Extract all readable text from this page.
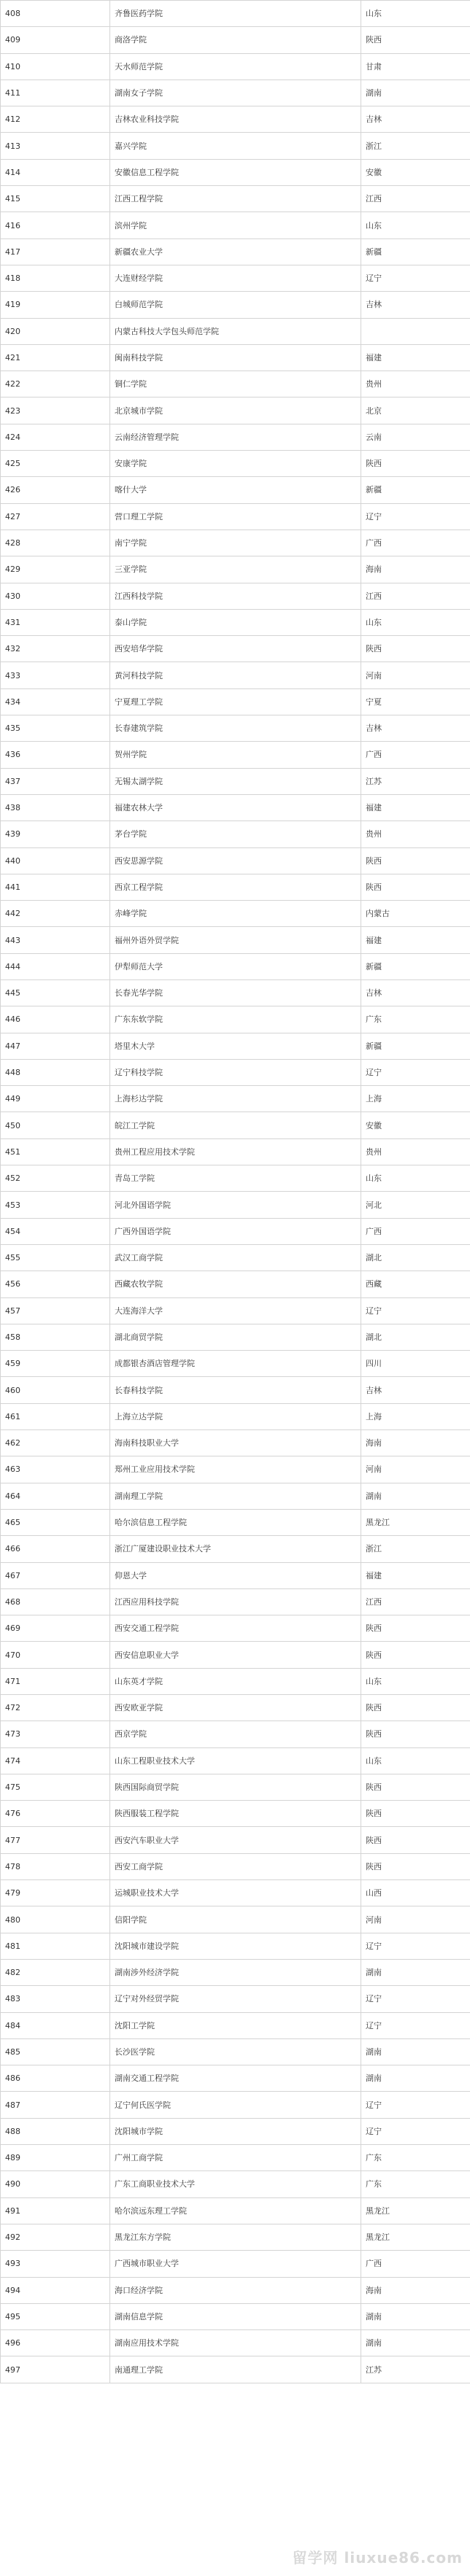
408	齐鲁医药学院	山东
409	商洛学院	陕西
410	天水师范学院	甘肃
411	湖南女子学院	湖南
412	吉林农业科技学院	吉林
413	嘉兴学院	浙江
414	安徽信息工程学院	安徽
415	江西工程学院	江西
416	滨州学院	山东
417	新疆农业大学	新疆
418	大连财经学院	辽宁
419	白城师范学院	吉林
420	内蒙古科技大学包头师范学院	
421	闽南科技学院	福建
422	铜仁学院	贵州
423	北京城市学院	北京
424	云南经济管理学院	云南
425	安康学院	陕西
426	喀什大学	新疆
427	营口理工学院	辽宁
428	南宁学院	广西
429	三亚学院	海南
430	江西科技学院	江西
431	泰山学院	山东
432	西安培华学院	陕西
433	黄河科技学院	河南
434	宁夏理工学院	宁夏
435	长春建筑学院	吉林
436	贺州学院	广西
437	无锡太湖学院	江苏
438	福建农林大学	福建
439	茅台学院	贵州
440	西安思源学院	陕西
441	西京工程学院	陕西
442	赤峰学院	内蒙古
443	福州外语外贸学院	福建
444	伊犁师范大学	新疆
445	长春光华学院	吉林
446	广东东软学院	广东
447	塔里木大学	新疆
448	辽宁科技学院	辽宁
449	上海杉达学院	上海
450	皖江工学院	安徽
451	贵州工程应用技术学院	贵州
452	青岛工学院	山东
453	河北外国语学院	河北
454	广西外国语学院	广西
455	武汉工商学院	湖北
456	西藏农牧学院	西藏
457	大连海洋大学	辽宁
458	湖北商贸学院	湖北
459	成都银杏酒店管理学院	四川
460	长春科技学院	吉林
461	上海立达学院	上海
462	海南科技职业大学	海南
463	郑州工业应用技术学院	河南
464	湖南理工学院	湖南
465	哈尔滨信息工程学院	黑龙江
466	浙江广厦建设职业技术大学	浙江
467	仰恩大学	福建
468	江西应用科技学院	江西
469	西安交通工程学院	陕西
470	西安信息职业大学	陕西
471	山东英才学院	山东
472	西安欧亚学院	陕西
473	西京学院	陕西
474	山东工程职业技术大学	山东
475	陕西国际商贸学院	陕西
476	陕西服装工程学院	陕西
477	西安汽车职业大学	陕西
478	西安工商学院	陕西
479	运城职业技术大学	山西
480	信阳学院	河南
481	沈阳城市建设学院	辽宁
482	湖南涉外经济学院	湖南
483	辽宁对外经贸学院	辽宁
484	沈阳工学院	辽宁
485	长沙医学院	湖南
486	湖南交通工程学院	湖南
487	辽宁何氏医学院	辽宁
488	沈阳城市学院	辽宁
489	广州工商学院	广东
490	广东工商职业技术大学	广东
491	哈尔滨远东理工学院	黑龙江
492	黑龙江东方学院	黑龙江
493	广西城市职业大学	广西
494	海口经济学院	海南
495	湖南信息学院	湖南
496	湖南应用技术学院	湖南
497	南通理工学院	江苏
留学网 liuxue86.com
